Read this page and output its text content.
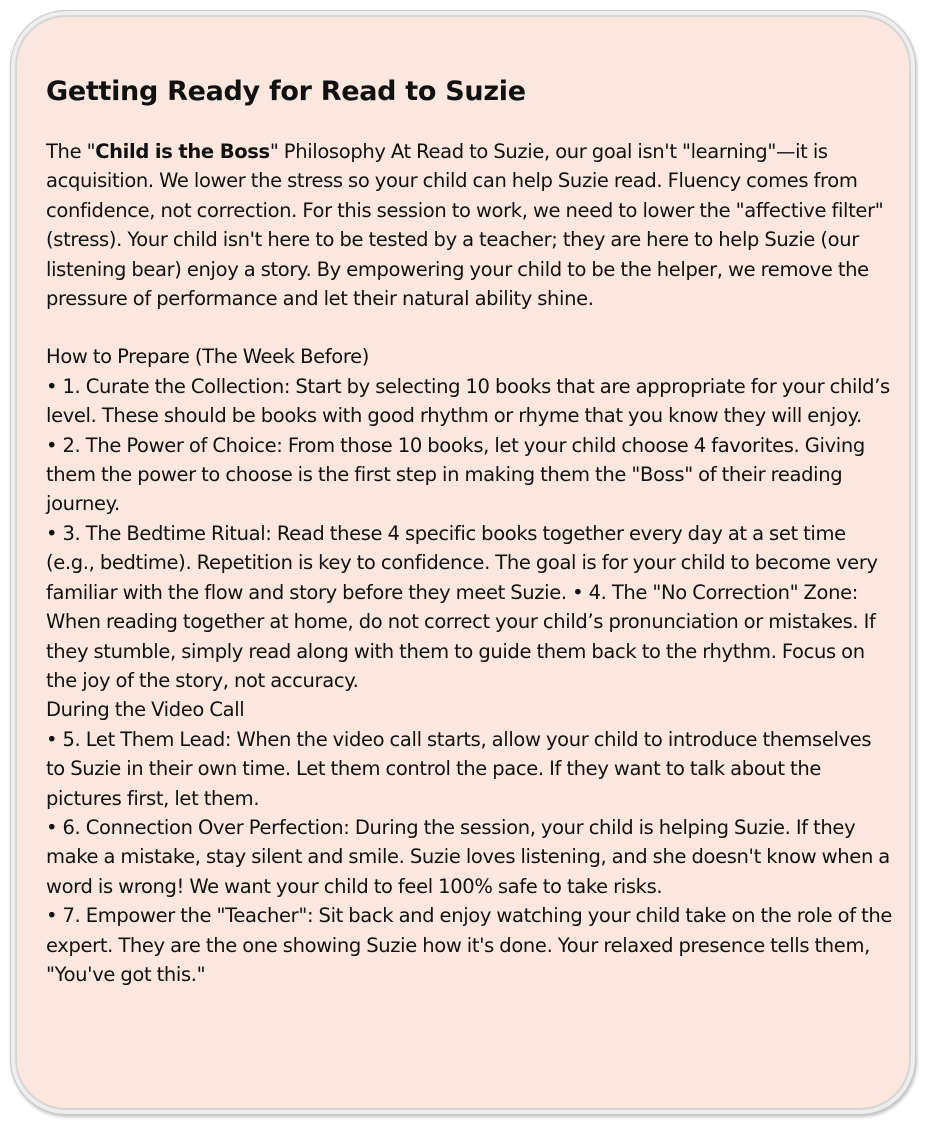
Getting Ready for Read to Suzie

The "Child is the Boss" Philosophy At Read to Suzie, our goal isn't "learning"—it is acquisition. We lower the stress so your child can help Suzie read. Fluency comes from confidence, not correction. For this session to work, we need to lower the "affective filter" (stress). Your child isn't here to be tested by a teacher; they are here to help Suzie (our listening bear) enjoy a story. By empowering your child to be the helper, we remove the pressure of performance and let their natural ability shine.

How to Prepare (The Week Before)

• 1. Curate the Collection: Start by selecting 10 books that are appropriate for your child’s level. These should be books with good rhythm or rhyme that you know they will enjoy.

• 2. The Power of Choice: From those 10 books, let your child choose 4 favorites. Giving them the power to choose is the first step in making them the "Boss" of their reading journey.

• 3. The Bedtime Ritual: Read these 4 specific books together every day at a set time (e.g., bedtime). Repetition is key to confidence. The goal is for your child to become very familiar with the flow and story before they meet Suzie. • 4. The "No Correction" Zone: When reading together at home, do not correct your child’s pronunciation or mistakes. If they stumble, simply read along with them to guide them back to the rhythm. Focus on the joy of the story, not accuracy.

During the Video Call

• 5. Let Them Lead: When the video call starts, allow your child to introduce themselves to Suzie in their own time. Let them control the pace. If they want to talk about the pictures first, let them.

• 6. Connection Over Perfection: During the session, your child is helping Suzie. If they make a mistake, stay silent and smile. Suzie loves listening, and she doesn't know when a word is wrong! We want your child to feel 100% safe to take risks.

• 7. Empower the "Teacher": Sit back and enjoy watching your child take on the role of the expert. They are the one showing Suzie how it's done. Your relaxed presence tells them, "You've got this."
